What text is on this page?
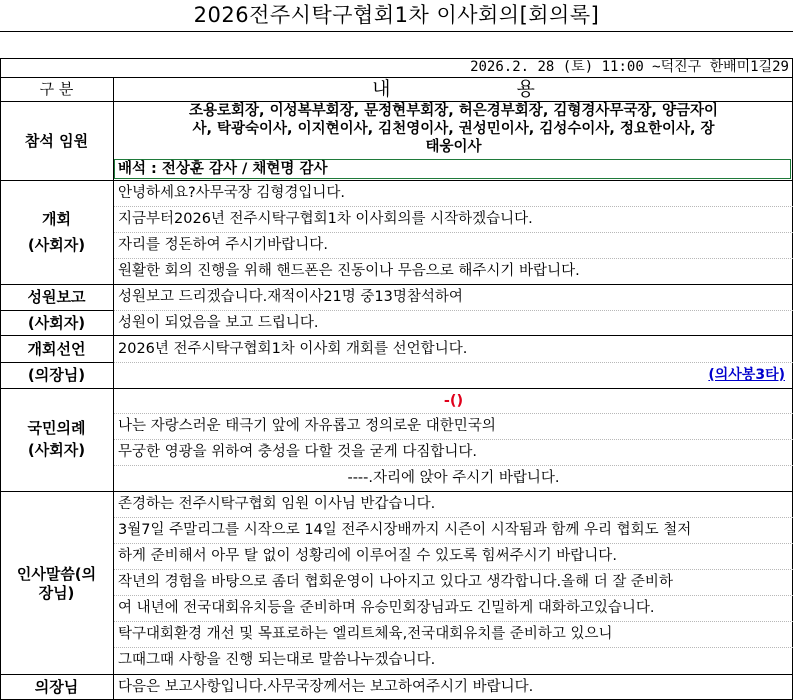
2026전주시탁구협회1차 이사회의[회의록]
2026.2. 28 (토) 11:00 ~덕진구 한배미1길29
구 분	내 용
참석 임원
조용로회장, 이성복부회장, 문정현부회장, 허은경부회장, 김형경사무국장, 양금자이
사, 탁광숙이사, 이지현이사, 김천영이사, 권성민이사, 김성수이사, 정요한이사, 장
태웅이사
배석 : 전상훈 감사 / 채현명 감사
개회
(사회자)
안녕하세요?사무국장 김형경입니다.
지금부터2026년 전주시탁구협회1차 이사회의를 시작하겠습니다.
자리를 정돈하여 주시기바랍니다.
원활한 회의 진행을 위해 핸드폰은 진동이나 무음으로 해주시기 바랍니다.
성원보고
(사회자)
성원보고 드리겠습니다.재적이사21명 중13명참석하여
성원이 되었음을 보고 드립니다.
개회선언
(의장님)
2026년 전주시탁구협회1차 이사회 개회를 선언합니다.
(의사봉3타)
국민의례
(사회자)
-()
나는 자랑스러운 태극기 앞에 자유롭고 정의로운 대한민국의
무궁한 영광을 위하여 충성을 다할 것을 굳게 다짐합니다.
----.자리에 앉아 주시기 바랍니다.
인사말씀(의
장님)
존경하는 전주시탁구협회 임원 이사님 반갑습니다.
3월7일 주말리그를 시작으로 14일 전주시장배까지 시즌이 시작됨과 함께 우리 협회도 철저
하게 준비해서 아무 탈 없이 성황리에 이루어질 수 있도록 힘써주시기 바랍니다.
작년의 경험을 바탕으로 좀더 협회운영이 나아지고 있다고 생각합니다.올해 더 잘 준비하
여 내년에 전국대회유치등을 준비하며 유승민회장님과도 긴밀하게 대화하고있습니다.
탁구대회환경 개선 및 목표로하는 엘리트체육,전국대회유치를 준비하고 있으니
그때그때 사항을 진행 되는대로 말씀나누겠습니다.
의장님	다음은 보고사항입니다.사무국장께서는 보고하여주시기 바랍니다.
